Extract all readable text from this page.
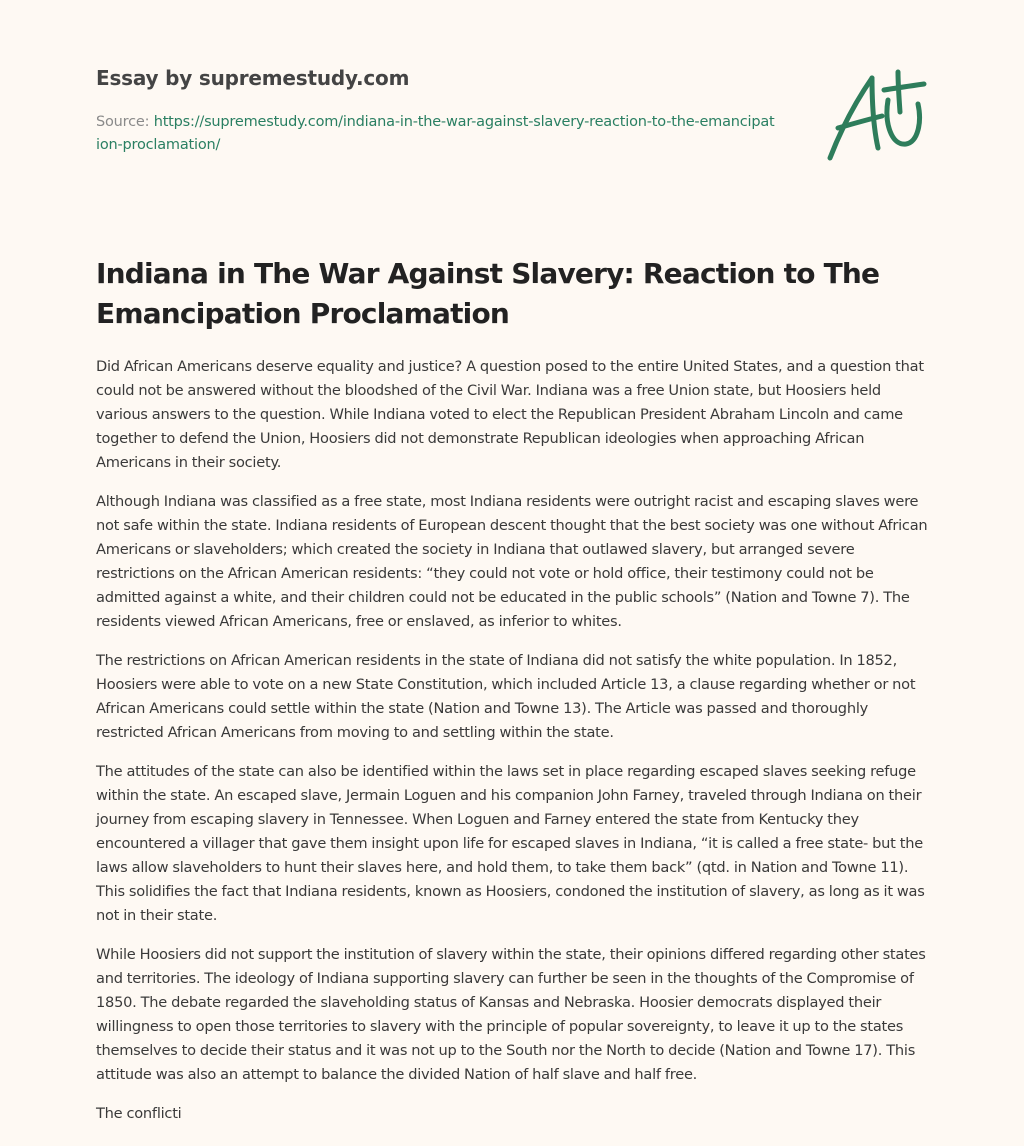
Essay by supremestudy.com
Source: https://supremestudy.com/indiana-in-the-war-against-slavery-reaction-to-the-emancipation-proclamation/
Indiana in The War Against Slavery: Reaction to The Emancipation Proclamation

Did African Americans deserve equality and justice? A question posed to the entire United States, and a question that could not be answered without the bloodshed of the Civil War. Indiana was a free Union state, but Hoosiers held various answers to the question. While Indiana voted to elect the Republican President Abraham Lincoln and came together to defend the Union, Hoosiers did not demonstrate Republican ideologies when approaching African Americans in their society.

Although Indiana was classified as a free state, most Indiana residents were outright racist and escaping slaves were not safe within the state. Indiana residents of European descent thought that the best society was one without African Americans or slaveholders; which created the society in Indiana that outlawed slavery, but arranged severe restrictions on the African American residents: “they could not vote or hold office, their testimony could not be admitted against a white, and their children could not be educated in the public schools” (Nation and Towne 7). The residents viewed African Americans, free or enslaved, as inferior to whites.

The restrictions on African American residents in the state of Indiana did not satisfy the white population. In 1852, Hoosiers were able to vote on a new State Constitution, which included Article 13, a clause regarding whether or not African Americans could settle within the state (Nation and Towne 13). The Article was passed and thoroughly restricted African Americans from moving to and settling within the state.

The attitudes of the state can also be identified within the laws set in place regarding escaped slaves seeking refuge within the state. An escaped slave, Jermain Loguen and his companion John Farney, traveled through Indiana on their journey from escaping slavery in Tennessee. When Loguen and Farney entered the state from Kentucky they encountered a villager that gave them insight upon life for escaped slaves in Indiana, “it is called a free state- but the laws allow slaveholders to hunt their slaves here, and hold them, to take them back” (qtd. in Nation and Towne 11). This solidifies the fact that Indiana residents, known as Hoosiers, condoned the institution of slavery, as long as it was not in their state.

While Hoosiers did not support the institution of slavery within the state, their opinions differed regarding other states and territories. The ideology of Indiana supporting slavery can further be seen in the thoughts of the Compromise of 1850. The debate regarded the slaveholding status of Kansas and Nebraska. Hoosier democrats displayed their willingness to open those territories to slavery with the principle of popular sovereignty, to leave it up to the states themselves to decide their status and it was not up to the South nor the North to decide (Nation and Towne 17). This attitude was also an attempt to balance the divided Nation of half slave and half free.

The conflicti
